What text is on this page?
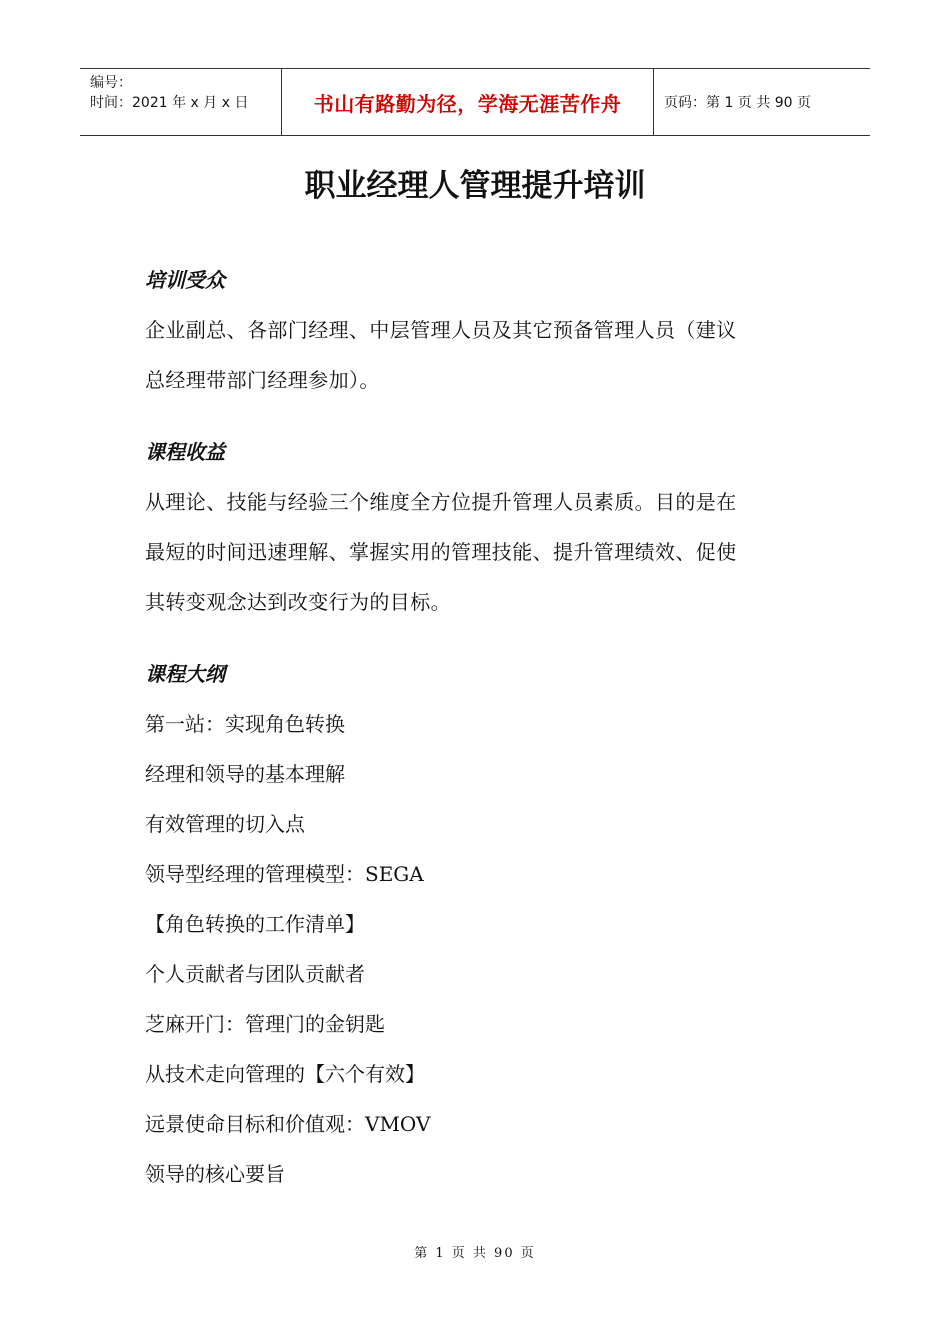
编号：
时间：2021 年 x 月 x 日	书山有路勤为径，学海无涯苦作舟	页码：第 1 页 共 90 页
职业经理人管理提升培训
培训受众

企业副总、各部门经理、中层管理人员及其它预备管理人员（建议

总经理带部门经理参加）。

课程收益

从理论、技能与经验三个维度全方位提升管理人员素质。目的是在

最短的时间迅速理解、掌握实用的管理技能、提升管理绩效、促使

其转变观念达到改变行为的目标。

课程大纲

第一站：实现角色转换

经理和领导的基本理解

有效管理的切入点

领导型经理的管理模型：SEGA

【角色转换的工作清单】

个人贡献者与团队贡献者

芝麻开门：管理门的金钥匙

从技术走向管理的【六个有效】

远景使命目标和价值观：VMOV

领导的核心要旨

第 1 页 共 90 页
